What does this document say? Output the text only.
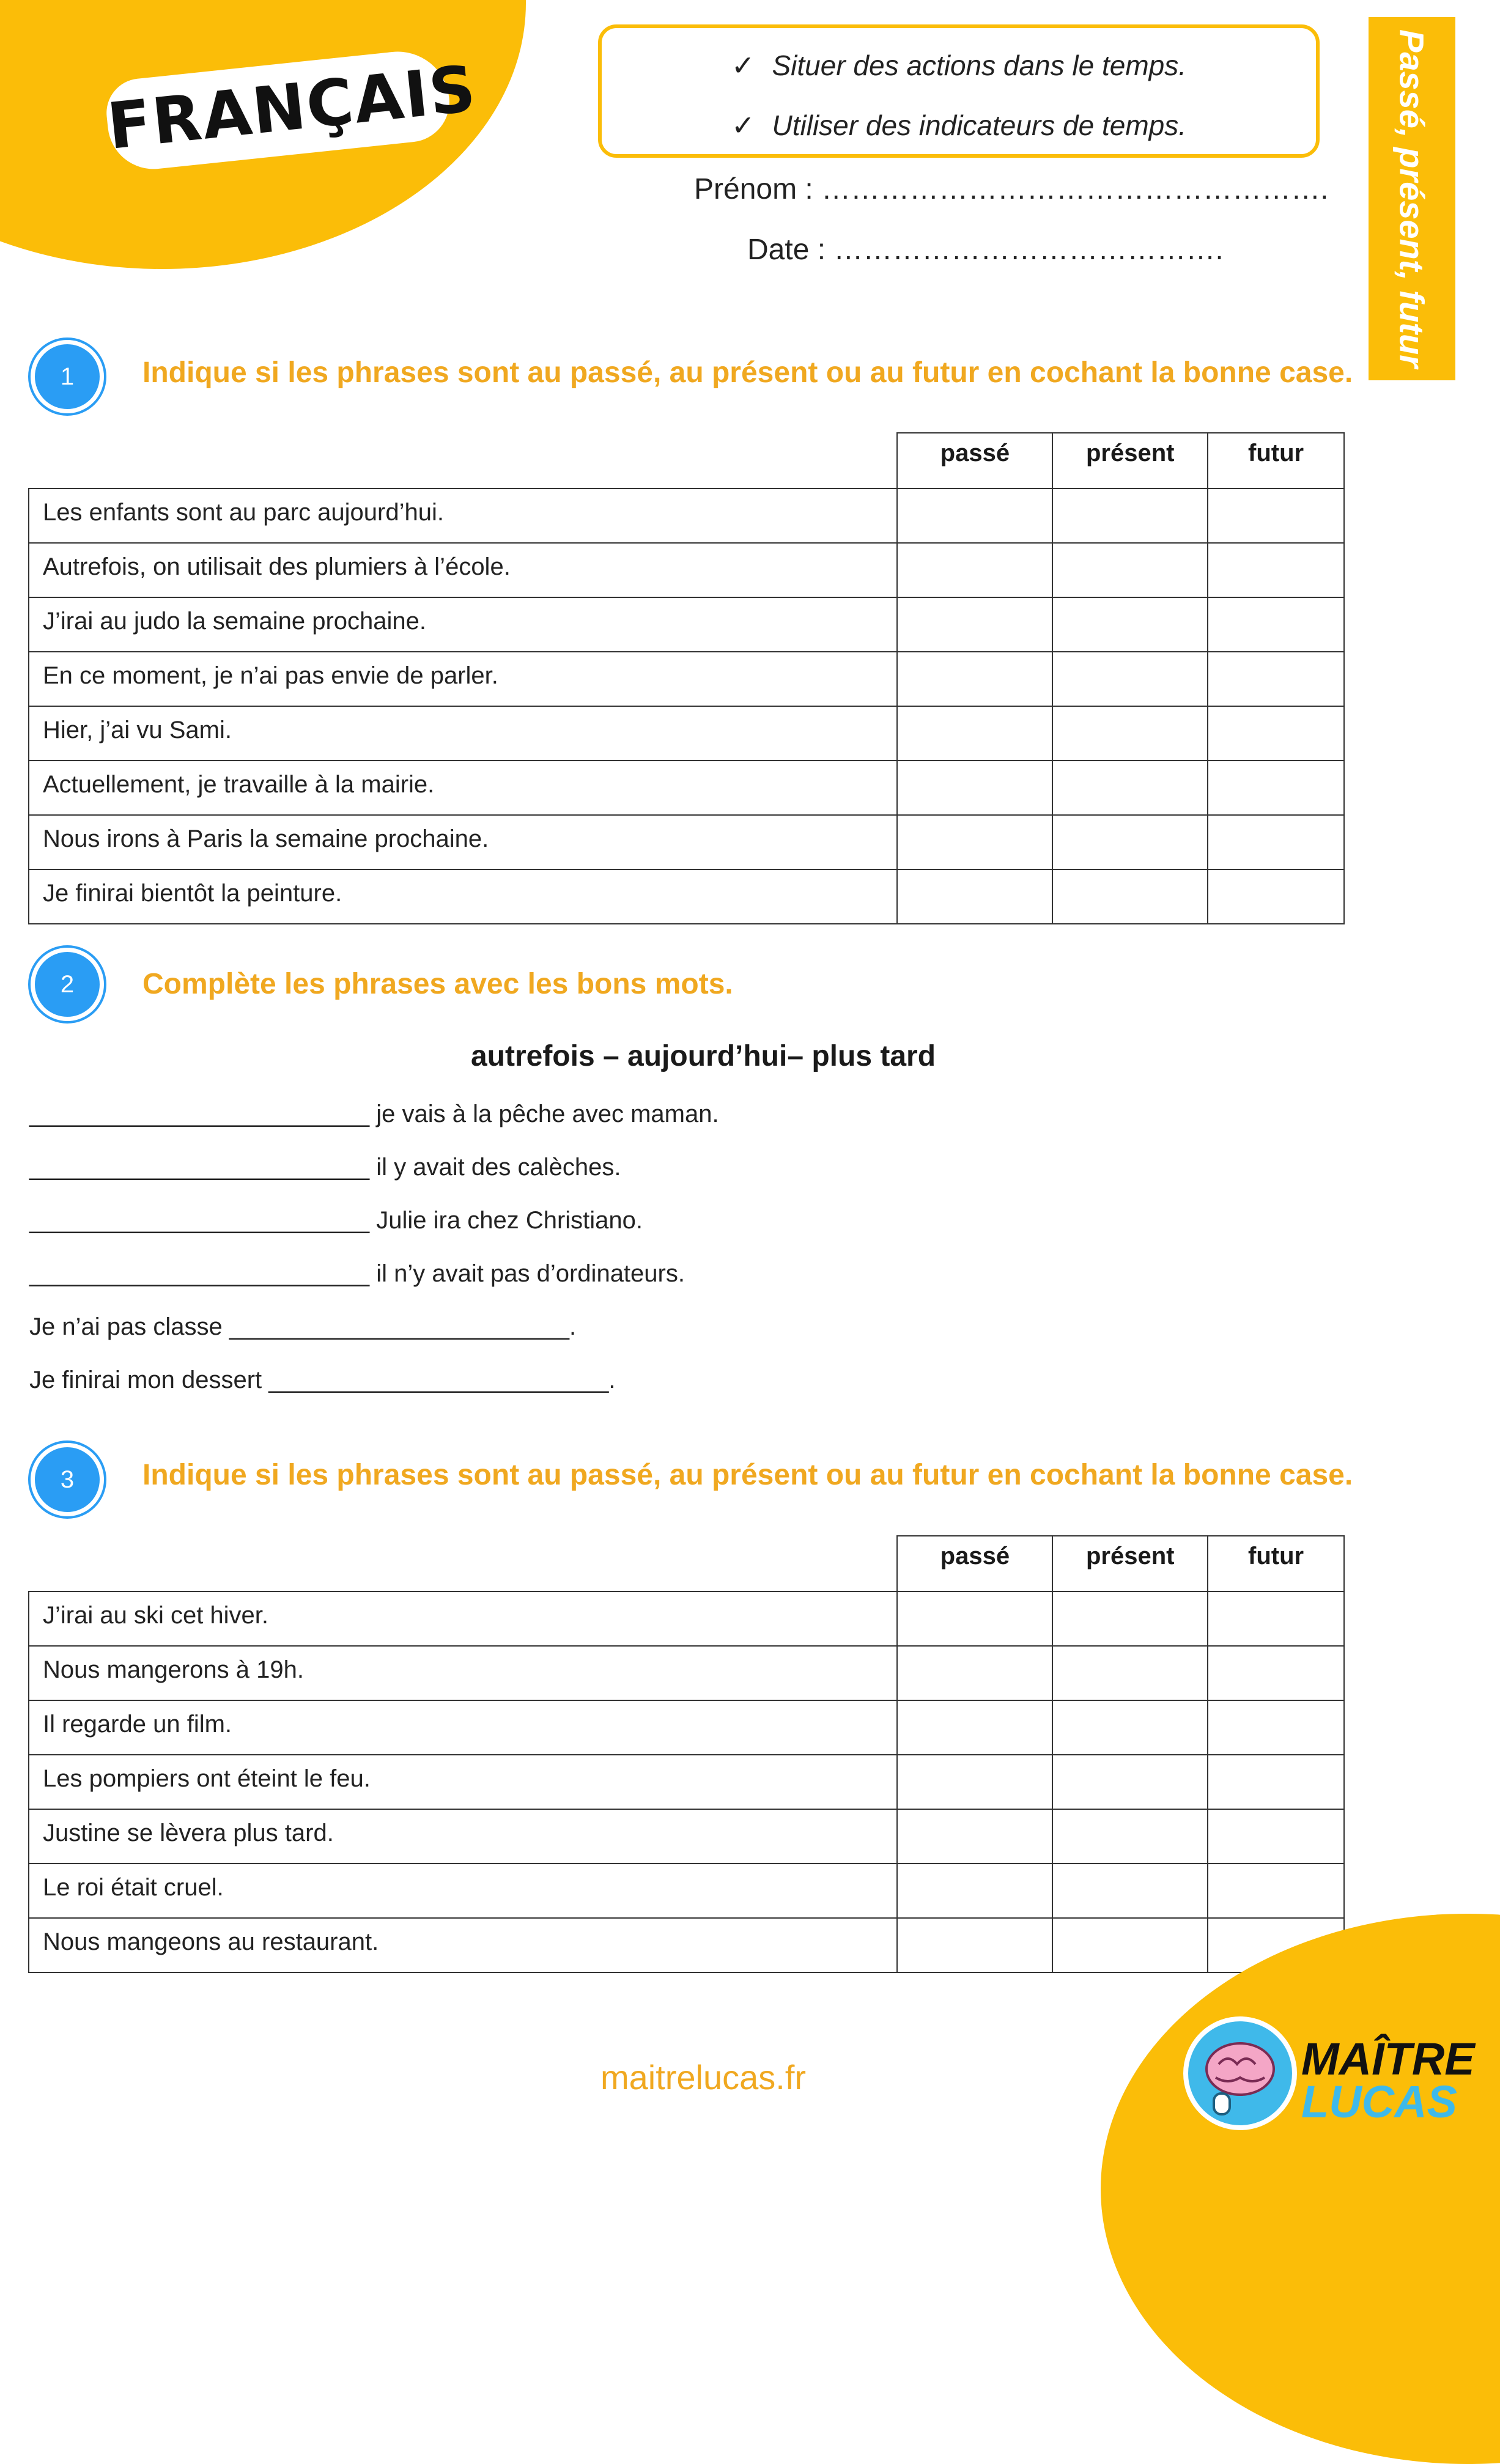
FRANÇAIS	✓ Situer des actions dans le temps.
✓ Utiliser des indicateurs de temps.
Prénom : …………………………………………….
Date : ………………………………….	Passé, présent, futur
1	Indique si les phrases sont au passé, au présent ou au futur en cochant la bonne case.
	passé	présent	futur
Les enfants sont au parc aujourd’hui.			
Autrefois, on utilisait des plumiers à l’école.			
J’irai au judo la semaine prochaine.			
En ce moment, je n’ai pas envie de parler.			
Hier, j’ai vu Sami.			
Actuellement, je travaille à la mairie.			
Nous irons à Paris la semaine prochaine.			
Je finirai bientôt la peinture.			
2	Complète les phrases avec les bons mots.
autrefois – aujourd’hui– plus tard
_________________________ je vais à la pêche avec maman.
_________________________ il y avait des calèches.
_________________________ Julie ira chez Christiano.
_________________________ il n’y avait pas d’ordinateurs.
Je n’ai pas classe _________________________.
Je finirai mon dessert _________________________.
3	Indique si les phrases sont au passé, au présent ou au futur en cochant la bonne case.
	passé	présent	futur
J’irai au ski cet hiver.			
Nous mangerons à 19h.			
Il regarde un film.			
Les pompiers ont éteint le feu.			
Justine se lèvera plus tard.			
Le roi était cruel.			
Nous mangeons au restaurant.			
maitrelucas.fr	MAÎTRE
LUCAS
